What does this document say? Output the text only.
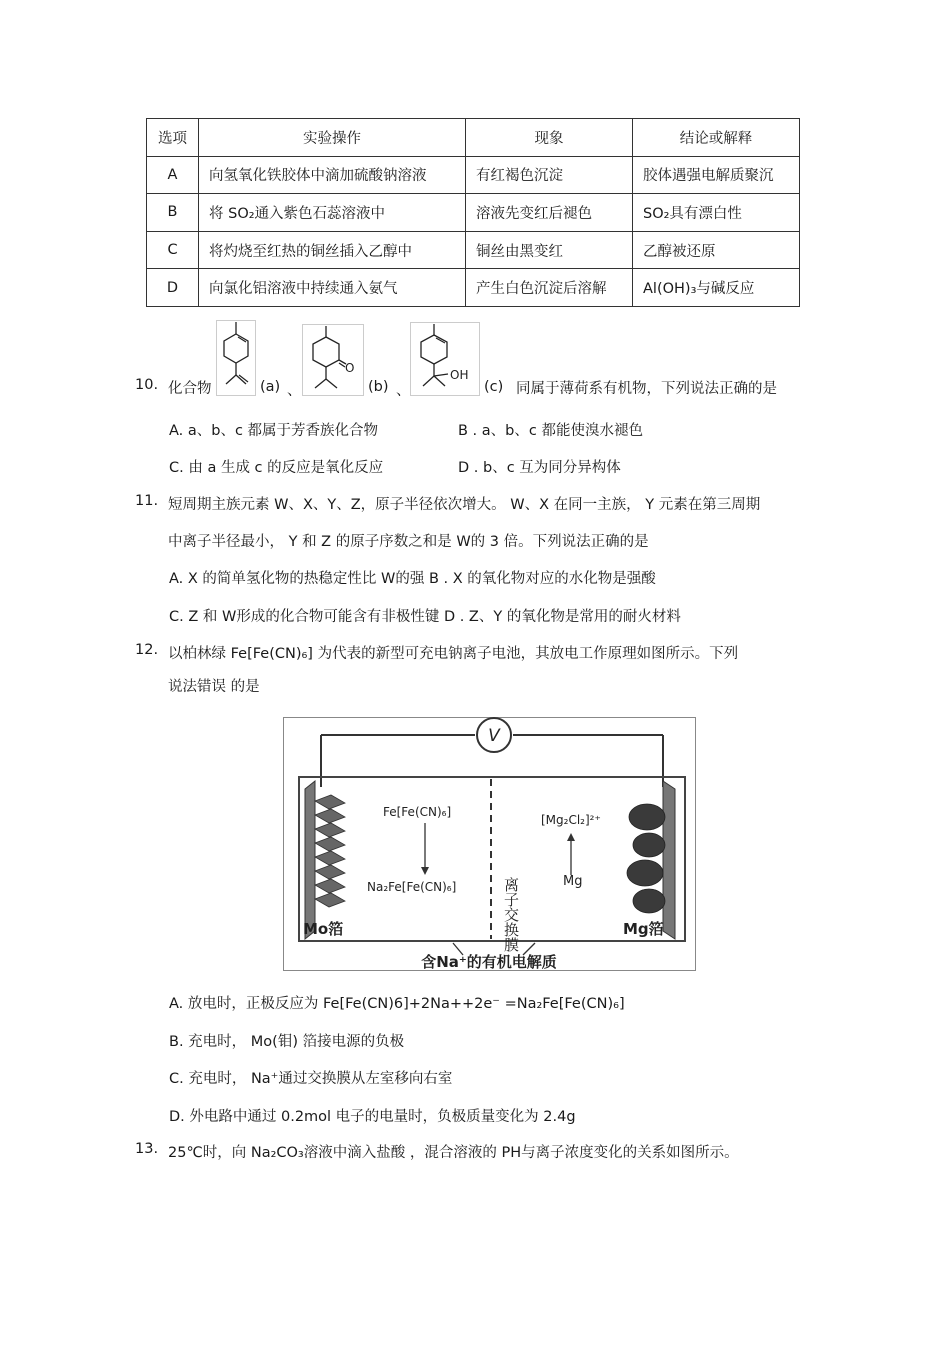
选项	实验操作	现象	结论或解释
A	向氢氧化铁胶体中滴加硫酸钠溶液	有红褐色沉淀	胶体遇强电解质聚沉
B	将 SO₂通入紫色石蕊溶液中	溶液先变红后褪色	SO₂具有漂白性
C	将灼烧至红热的铜丝插入乙醇中	铜丝由黑变红	乙醇被还原
D	向氯化铝溶液中持续通入氨气	产生白色沉淀后溶解	Al(OH)₃与碱反应
10. 化合物	(a) 、
O
(b) 、
OH
(c) 同属于薄荷系有机物，下列说法正确的是
A. a、b、c 都属于芳香族化合物	B . a、b、c 都能使溴水褪色
C. 由 a 生成 c 的反应是氧化反应	D . b、c 互为同分异构体
11. 短周期主族元素 W、X、Y、Z，原子半径依次增大。 W、X 在同一主族， Y 元素在第三周期
中离子半径最小， Y 和 Z 的原子序数之和是 W的 3 倍。下列说法正确的是
A. X 的简单氢化物的热稳定性比 W的强 B . X 的氧化物对应的水化物是强酸
C. Z 和 W形成的化合物可能含有非极性键 D . Z、Y 的氧化物是常用的耐火材料
12. 以柏林绿 Fe[Fe(CN)₆] 为代表的新型可充电钠离子电池，其放电工作原理如图所示。下列
说法错误 的是
V
离子交换膜
Fe[Fe(CN)₆]
Na₂Fe[Fe(CN)₆]
[Mg₂Cl₂]²⁺
Mg
Mo箔	Mg箔
含Na⁺的有机电解质
A. 放电时，正极反应为 Fe[Fe(CN)6]+2Na++2e⁻ =Na₂Fe[Fe(CN)₆]
B. 充电时， Mo(钼) 箔接电源的负极
C. 充电时， Na⁺通过交换膜从左室移向右室
D. 外电路中通过 0.2mol 电子的电量时，负极质量变化为 2.4g
13. 25℃时，向 Na₂CO₃溶液中滴入盐酸 ，混合溶液的 PH与离子浓度变化的关系如图所示。
